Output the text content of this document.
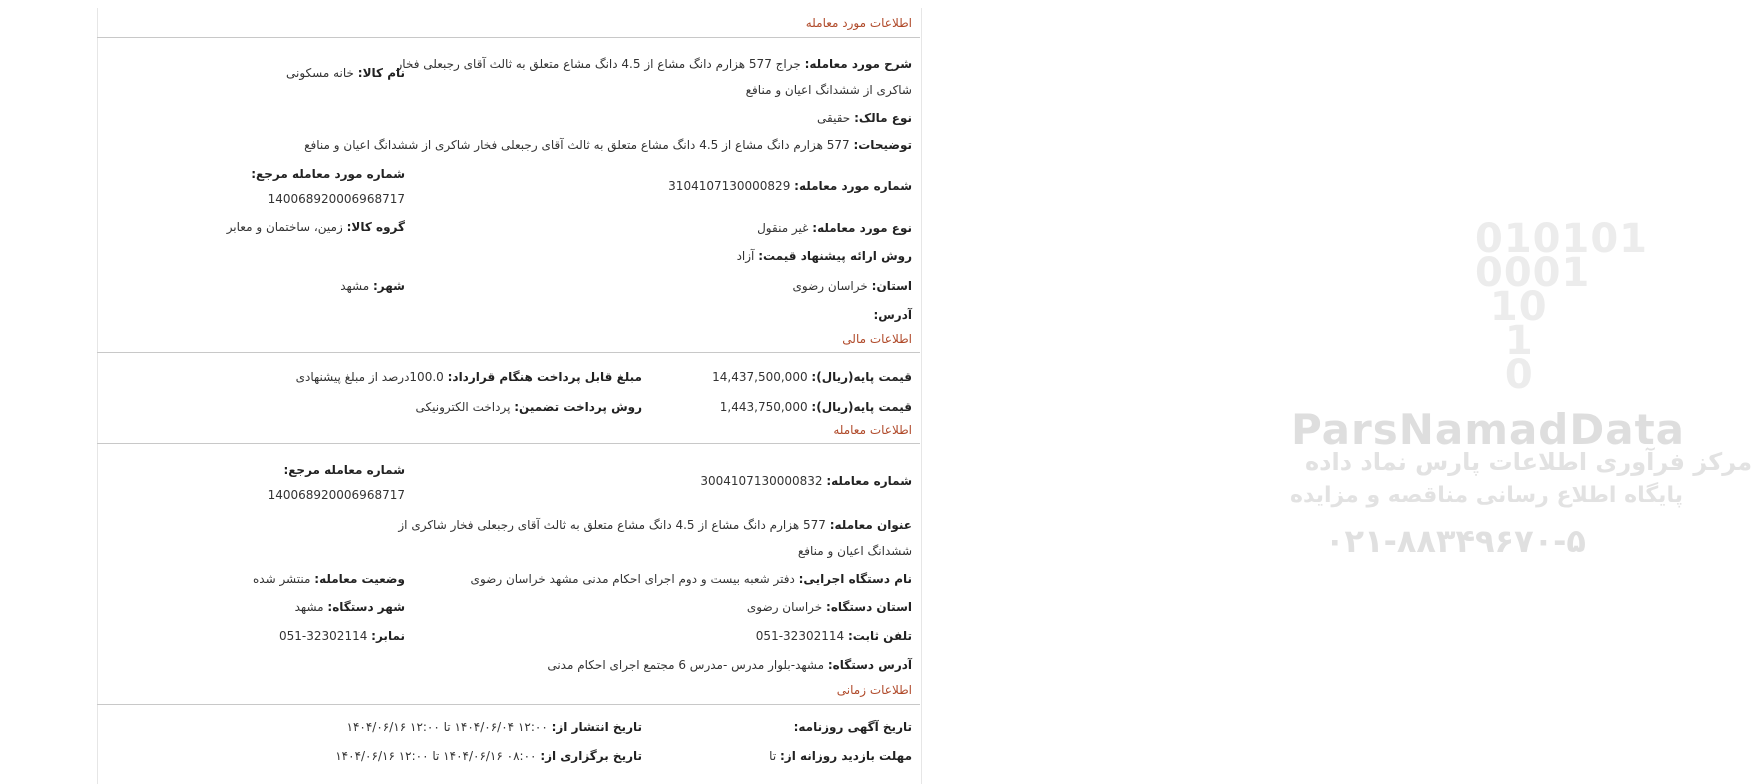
010101
0001
10
1
0
ParsNamadData
مرکز فرآوری اطلاعات پارس نماد داده
پایگاه اطلاع رسانی مناقصه و مزایده
۰۲۱-۸۸۳۴۹۶۷۰-۵
اطلاعات مورد معامله
شرح مورد معامله: جراج 577 هزارم دانگ مشاع از 4.5 دانگ مشاع متعلق به ثالث آقای رجبعلی فخار شاکری از ششدانگ اعیان و منافع
نام کالا: خانه مسکونی
نوع مالک: حقیقی
توضیحات: 577 هزارم دانگ مشاع از 4.5 دانگ مشاع متعلق به ثالث آقای رجبعلی فخار شاکری از ششدانگ اعیان و منافع
شماره مورد معامله مرجع:
140068920006968717
شماره مورد معامله: 3104107130000829
نوع مورد معامله: غیر منقول
گروه کالا: زمین، ساختمان و معابر
روش ارائه پیشنهاد قیمت: آزاد
استان: خراسان رضوی
شهر: مشهد
آدرس:
اطلاعات مالی
قیمت پایه(ریال): 14,437,500,000
مبلغ قابل پرداخت هنگام قرارداد: 100.0درصد از مبلغ پیشنهادی
قیمت پایه(ریال): 1,443,750,000
روش پرداخت تضمین: پرداخت الکترونیکی
اطلاعات معامله
شماره معامله مرجع:
140068920006968717
شماره معامله: 3004107130000832
عنوان معامله: 577 هزارم دانگ مشاع از 4.5 دانگ مشاع متعلق به ثالث آقای رجبعلی فخار شاکری از ششدانگ اعیان و منافع
نام دستگاه اجرایی: دفتر شعبه بیست و دوم اجرای احکام مدنی مشهد خراسان رضوی
وضعیت معامله: منتشر شده
استان دستگاه: خراسان رضوی
شهر دستگاه: مشهد
تلفن ثابت: 32302114-051
نمابر: 32302114-051
آدرس دستگاه: مشهد-بلوار مدرس -مدرس 6 مجتمع اجرای احکام مدنی
اطلاعات زمانی
تاریخ آگهی روزنامه:
تاریخ انتشار از: ۱۲:۰۰ ۱۴۰۴/۰۶/۰۴ تا ۱۲:۰۰ ۱۴۰۴/۰۶/۱۶
مهلت بازدید روزانه از: تا
تاریخ برگزاری از: ۰۸:۰۰ ۱۴۰۴/۰۶/۱۶ تا ۱۲:۰۰ ۱۴۰۴/۰۶/۱۶
